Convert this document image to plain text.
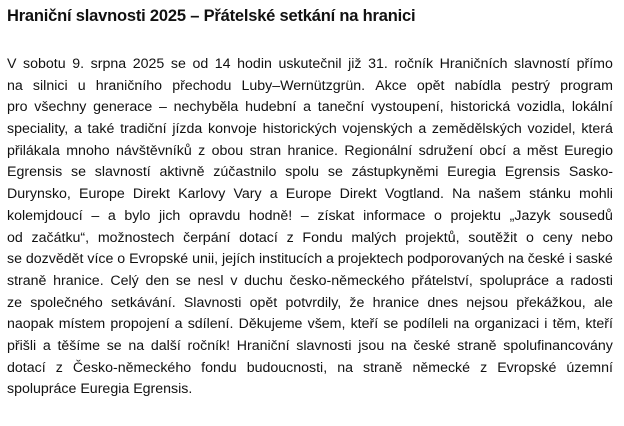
Hraniční slavnosti 2025 – Přátelské setkání na hranici
V sobotu 9. srpna 2025 se od 14 hodin uskutečnil již 31. ročník Hraničních slavností přímo
na silnici u hraničního přechodu Luby–Wernützgrün. Akce opět nabídla pestrý program
pro všechny generace – nechyběla hudební a taneční vystoupení, historická vozidla, lokální
speciality, a také tradiční jízda konvoje historických vojenských a zemědělských vozidel, která
přilákala mnoho návštěvníků z obou stran hranice. Regionální sdružení obcí a měst Euregio
Egrensis se slavností aktivně zúčastnilo spolu se zástupkyněmi Euregia Egrensis Sasko-
Durynsko, Europe Direkt Karlovy Vary a Europe Direkt Vogtland. Na našem stánku mohli
kolemjdoucí – a bylo jich opravdu hodně! – získat informace o projektu „Jazyk sousedů
od začátku“, možnostech čerpání dotací z Fondu malých projektů, soutěžit o ceny nebo
se dozvědět více o Evropské unii, jejích institucích a projektech podporovaných na české i saské
straně hranice. Celý den se nesl v duchu česko-německého přátelství, spolupráce a radosti
ze společného setkávání. Slavnosti opět potvrdily, že hranice dnes nejsou překážkou, ale
naopak místem propojení a sdílení. Děkujeme všem, kteří se podíleli na organizaci i těm, kteří
přišli a těšíme se na další ročník! Hraniční slavnosti jsou na české straně spolufinancovány
dotací z Česko-německého fondu budoucnosti, na straně německé z Evropské územní
spolupráce Euregia Egrensis.
